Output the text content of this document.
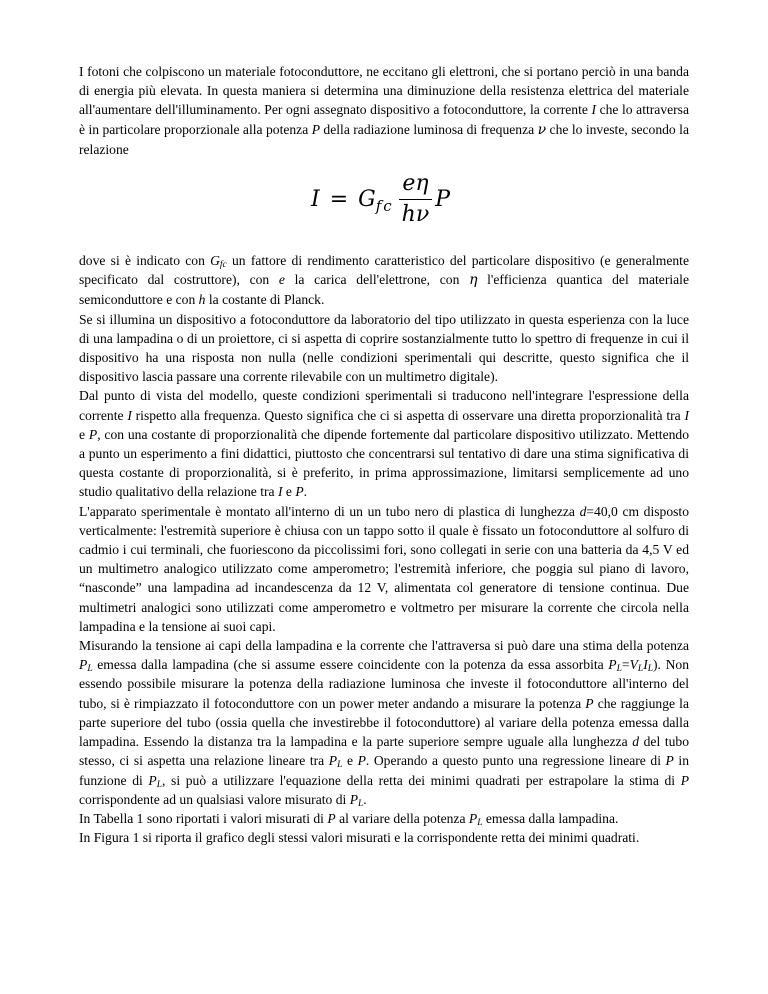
I fotoni che colpiscono un materiale fotoconduttore, ne eccitano gli elettroni, che si portano perciò in una banda di energia più elevata. In questa maniera si determina una diminuzione della resistenza elettrica del materiale all'aumentare dell'illuminamento. Per ogni assegnato dispositivo a fotoconduttore, la corrente I che lo attraversa è in particolare proporzionale alla potenza P della radiazione luminosa di frequenza ν che lo investe, secondo la relazione

I = G fc $\frac{e\eta}{h\nu}$ P

dove si è indicato con $G_{fc}$ un fattore di rendimento caratteristico del particolare dispositivo (e generalmente specificato dal costruttore), con e la carica dell'elettrone, con η l'efficienza quantica del materiale semiconduttore e con h la costante di Planck.

Se si illumina un dispositivo a fotoconduttore da laboratorio del tipo utilizzato in questa esperienza con la luce di una lampadina o di un proiettore, ci si aspetta di coprire sostanzialmente tutto lo spettro di frequenze in cui il dispositivo ha una risposta non nulla (nelle condizioni sperimentali qui descritte, questo significa che il dispositivo lascia passare una corrente rilevabile con un multimetro digitale).

Dal punto di vista del modello, queste condizioni sperimentali si traducono nell'integrare l'espressione della corrente I rispetto alla frequenza. Questo significa che ci si aspetta di osservare una diretta proporzionalità tra I e P, con una costante di proporzionalità che dipende fortemente dal particolare dispositivo utilizzato. Mettendo a punto un esperimento a fini didattici, piuttosto che concentrarsi sul tentativo di dare una stima significativa di questa costante di proporzionalità, si è preferito, in prima approssimazione, limitarsi semplicemente ad uno studio qualitativo della relazione tra I e P.

L'apparato sperimentale è montato all'interno di un un tubo nero di plastica di lunghezza d=40,0 cm disposto verticalmente: l'estremità superiore è chiusa con un tappo sotto il quale è fissato un fotoconduttore al solfuro di cadmio i cui terminali, che fuoriescono da piccolissimi fori, sono collegati in serie con una batteria da 4,5 V ed un multimetro analogico utilizzato come amperometro; l'estremità inferiore, che poggia sul piano di lavoro, “nasconde” una lampadina ad incandescenza da 12 V, alimentata col generatore di tensione continua. Due multimetri analogici sono utilizzati come amperometro e voltmetro per misurare la corrente che circola nella lampadina e la tensione ai suoi capi.

Misurando la tensione ai capi della lampadina e la corrente che l'attraversa si può dare una stima della potenza $P_L$ emessa dalla lampadina (che si assume essere coincidente con la potenza da essa assorbita $P_L=V_LI_L$). Non essendo possibile misurare la potenza della radiazione luminosa che investe il fotoconduttore all'interno del tubo, si è rimpiazzato il fotoconduttore con un power meter andando a misurare la potenza P che raggiunge la parte superiore del tubo (ossia quella che investirebbe il fotoconduttore) al variare della potenza emessa dalla lampadina. Essendo la distanza tra la lampadina e la parte superiore sempre uguale alla lunghezza d del tubo stesso, ci si aspetta una relazione lineare tra $P_L$ e P. Operando a questo punto una regressione lineare di P in funzione di $P_L$, si può a utilizzare l'equazione della retta dei minimi quadrati per estrapolare la stima di P corrispondente ad un qualsiasi valore misurato di $P_L$.

In Tabella 1 sono riportati i valori misurati di P al variare della potenza $P_L$ emessa dalla lampadina.

In Figura 1 si riporta il grafico degli stessi valori misurati e la corrispondente retta dei minimi quadrati.
